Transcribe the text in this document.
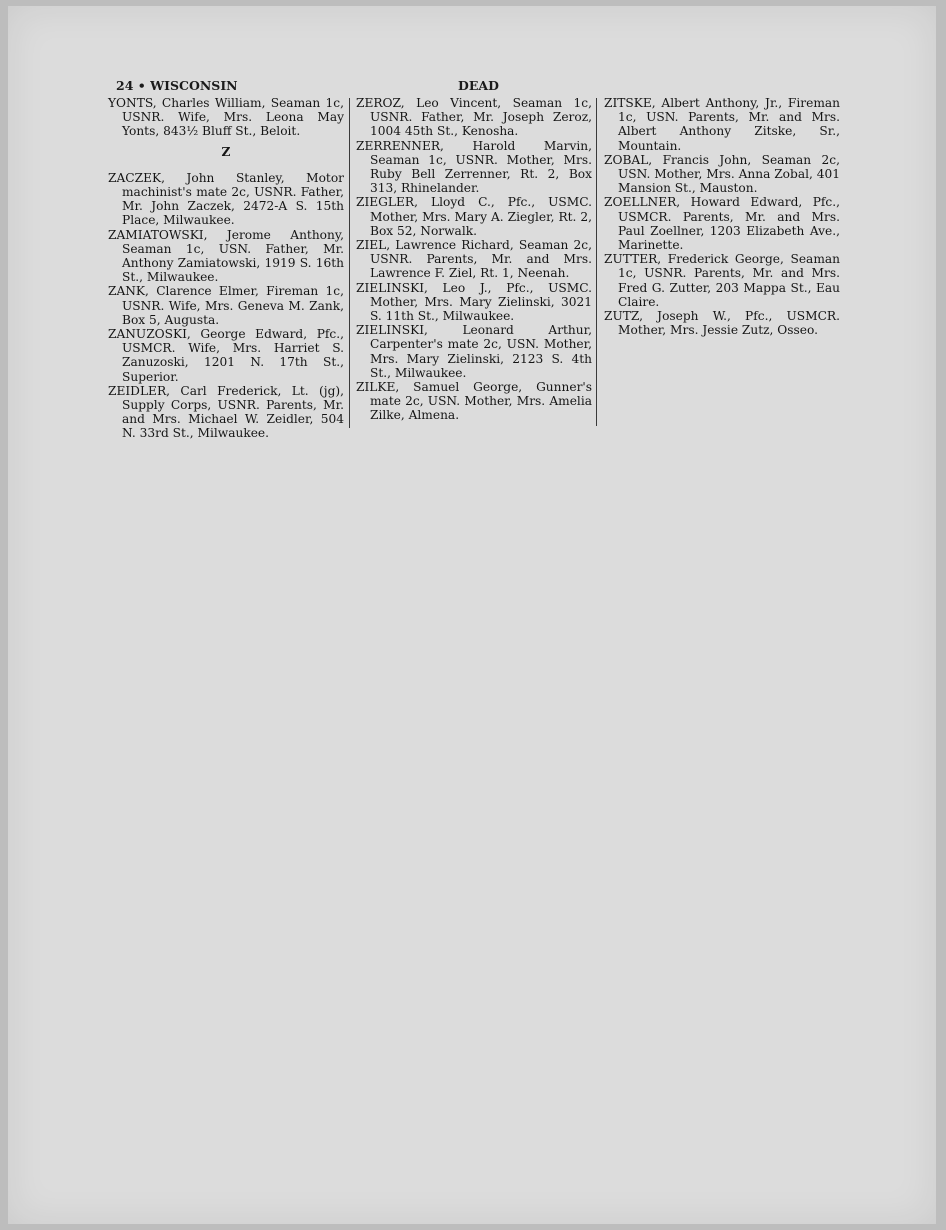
24 • WISCONSIN	DEAD

YONTS, Charles William, Seaman 1c, USNR. Wife, Mrs. Leona May Yonts, 843½ Bluff St., Beloit.

Z

ZACZEK, John Stanley, Motor machinist's mate 2c, USNR. Father, Mr. John Zaczek, 2472-A S. 15th Place, Milwaukee.

ZAMIATOWSKI, Jerome Anthony, Seaman 1c, USN. Father, Mr. Anthony Zamiatowski, 1919 S. 16th St., Milwaukee.

ZANK, Clarence Elmer, Fireman 1c, USNR. Wife, Mrs. Geneva M. Zank, Box 5, Augusta.

ZANUZOSKI, George Edward, Pfc., USMCR. Wife, Mrs. Harriet S. Zanuzoski, 1201 N. 17th St., Superior.

ZEIDLER, Carl Frederick, Lt. (jg), Supply Corps, USNR. Parents, Mr. and Mrs. Michael W. Zeidler, 504 N. 33rd St., Milwaukee.

ZEROZ, Leo Vincent, Seaman 1c, USNR. Father, Mr. Joseph Zeroz, 1004 45th St., Kenosha.

ZERRENNER, Harold Marvin, Seaman 1c, USNR. Mother, Mrs. Ruby Bell Zerrenner, Rt. 2, Box 313, Rhinelander.

ZIEGLER, Lloyd C., Pfc., USMC. Mother, Mrs. Mary A. Ziegler, Rt. 2, Box 52, Norwalk.

ZIEL, Lawrence Richard, Seaman 2c, USNR. Parents, Mr. and Mrs. Lawrence F. Ziel, Rt. 1, Neenah.

ZIELINSKI, Leo J., Pfc., USMC. Mother, Mrs. Mary Zielinski, 3021 S. 11th St., Milwaukee.

ZIELINSKI, Leonard Arthur, Carpenter's mate 2c, USN. Mother, Mrs. Mary Zielinski, 2123 S. 4th St., Milwaukee.

ZILKE, Samuel George, Gunner's mate 2c, USN. Mother, Mrs. Amelia Zilke, Almena.

ZITSKE, Albert Anthony, Jr., Fireman 1c, USN. Parents, Mr. and Mrs. Albert Anthony Zitske, Sr., Mountain.

ZOBAL, Francis John, Seaman 2c, USN. Mother, Mrs. Anna Zobal, 401 Mansion St., Mauston.

ZOELLNER, Howard Edward, Pfc., USMCR. Parents, Mr. and Mrs. Paul Zoellner, 1203 Elizabeth Ave., Marinette.

ZUTTER, Frederick George, Seaman 1c, USNR. Parents, Mr. and Mrs. Fred G. Zutter, 203 Mappa St., Eau Claire.

ZUTZ, Joseph W., Pfc., USMCR. Mother, Mrs. Jessie Zutz, Osseo.
